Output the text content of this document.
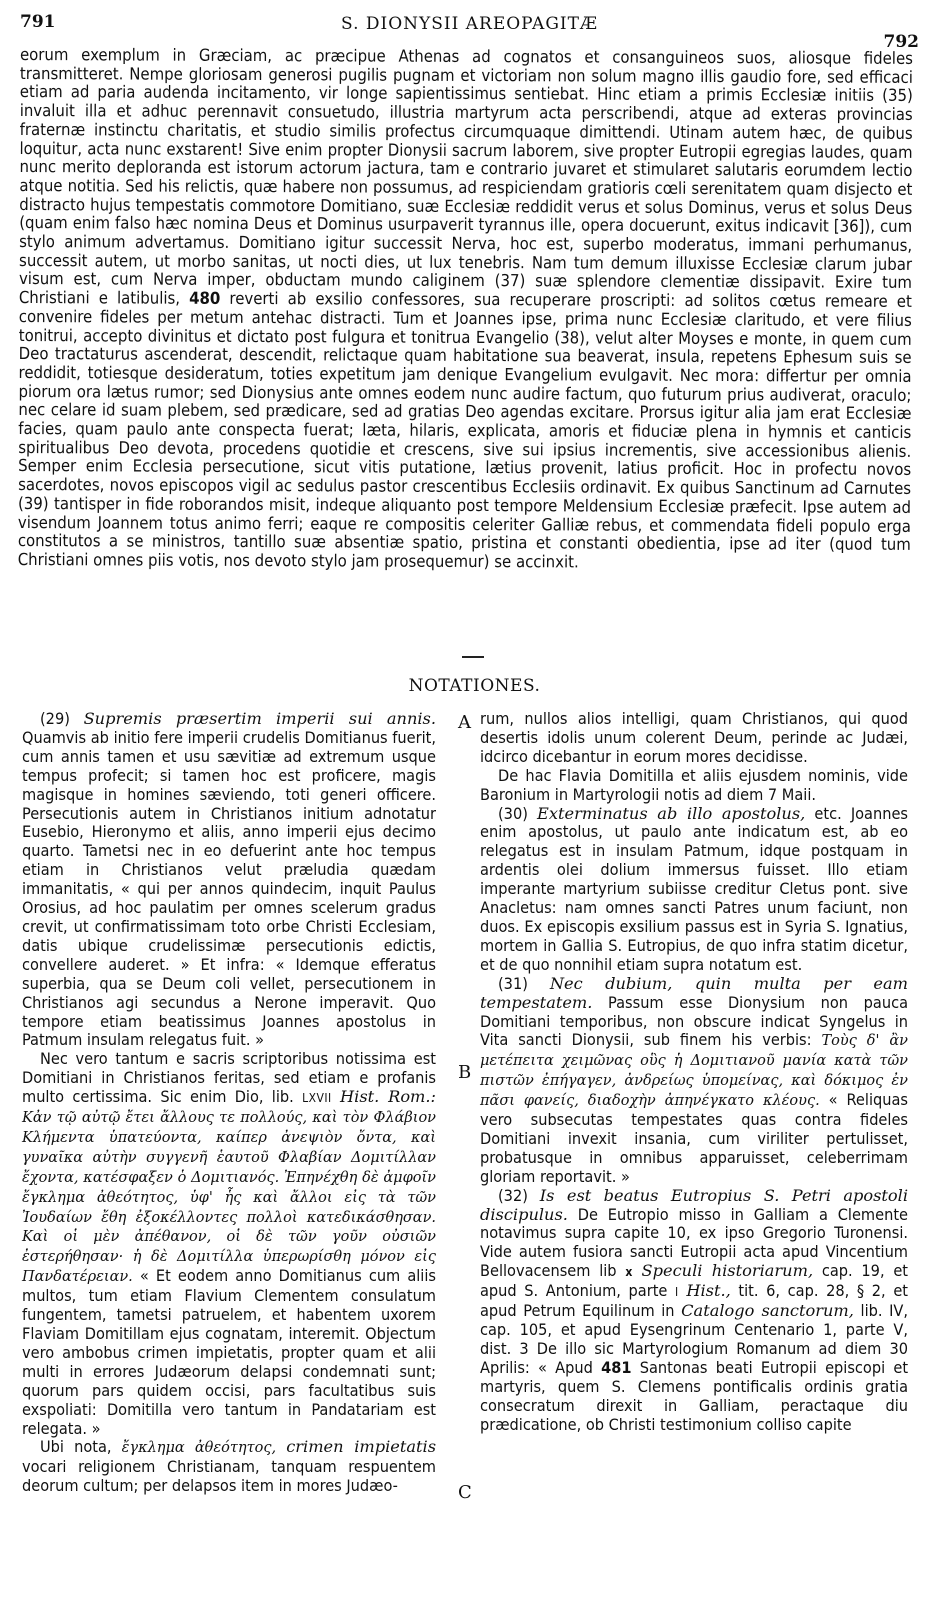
791	S. DIONYSII AREOPAGITÆ
792
eorum exemplum in Græciam, ac præcipue Athenas ad cognatos et consanguineos suos, aliosque fideles transmitteret. Nempe gloriosam generosi pugilis pugnam et victoriam non solum magno illis gaudio fore, sed efficaci etiam ad paria audenda incitamento, vir longe sapientissimus sentiebat. Hinc etiam a primis Ecclesiæ initiis (35) invaluit illa et adhuc perennavit consuetudo, illustria martyrum acta perscribendi, atque ad exteras provincias fraternæ instinctu charitatis, et studio similis profectus circumquaque dimittendi. Utinam autem hæc, de quibus loquitur, acta nunc exstarent! Sive enim propter Dionysii sacrum laborem, sive propter Eutropii egregias laudes, quam nunc merito deploranda est istorum actorum jactura, tam e contrario juvaret et stimularet salutaris eorumdem lectio atque notitia. Sed his relictis, quæ habere non possumus, ad respiciendam gratioris cœli serenitatem quam disjecto et distracto hujus tempestatis commotore Domitiano, suæ Ecclesiæ reddidit verus et solus Dominus, verus et solus Deus (quam enim falso hæc nomina Deus et Dominus usurpaverit tyrannus ille, opera docuerunt, exitus indicavit [36]), cum stylo animum advertamus. Domitiano igitur successit Nerva, hoc est, superbo moderatus, immani perhumanus, successit autem, ut morbo sanitas, ut nocti dies, ut lux tenebris. Nam tum demum illuxisse Ecclesiæ clarum jubar visum est, cum Nerva imper, obductam mundo caliginem (37) suæ splendore clementiæ dissipavit. Exire tum Christiani e latibulis, 480 reverti ab exsilio confessores, sua recuperare proscripti: ad solitos cœtus remeare et convenire fideles per metum antehac distracti. Tum et Joannes ipse, prima nunc Ecclesiæ claritudo, et vere filius tonitrui, accepto divinitus et dictato post fulgura et tonitrua Evangelio (38), velut alter Moyses e monte, in quem cum Deo tractaturus ascenderat, descendit, relictaque quam habitatione sua beaverat, insula, repetens Ephesum suis se reddidit, totiesque desideratum, toties expetitum jam denique Evangelium evulgavit. Nec mora: differtur per omnia piorum ora lætus rumor; sed Dionysius ante omnes eodem nunc audire factum, quo futurum prius audiverat, oraculo; nec celare id suam plebem, sed prædicare, sed ad gratias Deo agendas excitare. Prorsus igitur alia jam erat Ecclesiæ facies, quam paulo ante conspecta fuerat; læta, hilaris, explicata, amoris et fiduciæ plena in hymnis et canticis spiritualibus Deo devota, procedens quotidie et crescens, sive sui ipsius incrementis, sive accessionibus alienis. Semper enim Ecclesia persecutione, sicut vitis putatione, lætius provenit, latius proficit. Hoc in profectu novos sacerdotes, novos episcopos vigil ac sedulus pastor crescentibus Ecclesiis ordinavit. Ex quibus Sanctinum ad Carnutes (39) tantisper in fide roborandos misit, indeque aliquanto post tempore Meldensium Ecclesiæ præfecit. Ipse autem ad visendum Joannem totus animo ferri; eaque re compositis celeriter Galliæ rebus, et commendata fideli populo erga constitutos a se ministros, tantillo suæ absentiæ spatio, pristina et constanti obedientia, ipse ad iter (quod tum Christiani omnes piis votis, nos devoto stylo jam prosequemur) se accinxit.
NOTATIONES.

(29) Supremis præsertim imperii sui annis. Quamvis ab initio fere imperii crudelis Domitianus fuerit, cum annis tamen et usu sævitiæ ad extremum usque tempus profecit; si tamen hoc est proficere, magis magisque in homines sæviendo, toti generi officere. Persecutionis autem in Christianos initium adnotatur Eusebio, Hieronymo et aliis, anno imperii ejus decimo quarto. Tametsi nec in eo defuerint ante hoc tempus etiam in Christianos velut præludia quædam immanitatis, « qui per annos quindecim, inquit Paulus Orosius, ad hoc paulatim per omnes scelerum gradus crevit, ut confirmatissimam toto orbe Christi Ecclesiam, datis ubique crudelissimæ persecutionis edictis, convellere auderet. » Et infra: « Idemque efferatus superbia, qua se Deum coli vellet, persecutionem in Christianos agi secundus a Nerone imperavit. Quo tempore etiam beatissimus Joannes apostolus in Patmum insulam relegatus fuit. »

Nec vero tantum e sacris scriptoribus notissima est Domitiani in Christianos feritas, sed etiam e profanis multo certissima. Sic enim Dio, lib. LXVII Hist. Rom.: Κἀν τῷ αὐτῷ ἔτει ἄλλους τε πολλούς, καὶ τὸν Φλάβιον Κλήμεντα ὑπατεύοντα, καίπερ ἀνεψιὸν ὄντα, καὶ γυναῖκα αὐτὴν συγγενῆ ἑαυτοῦ Φλαβίαν Δομιτίλλαν ἔχοντα, κατέσφαξεν ὁ Δομιτιανός. Ἐπηνέχθη δὲ ἀμφοῖν ἔγκλημα ἀθεότητος, ὑφ' ἧς καὶ ἄλλοι εἰς τὰ τῶν Ἰουδαίων ἔθη ἐξοκέλλοντες πολλοὶ κατεδικάσθησαν. Καὶ οἱ μὲν ἀπέθανον, οἱ δὲ τῶν γοῦν οὐσιῶν ἐστερήθησαν· ἡ δὲ Δομιτίλλα ὑπερωρίσθη μόνον εἰς Πανδατέρειαν. « Et eodem anno Domitianus cum aliis multos, tum etiam Flavium Clementem consulatum fungentem, tametsi patruelem, et habentem uxorem Flaviam Domitillam ejus cognatam, interemit. Objectum vero ambobus crimen impietatis, propter quam et alii multi in errores Judæorum delapsi condemnati sunt; quorum pars quidem occisi, pars facultatibus suis exspoliati: Domitilla vero tantum in Pandatariam est relegata. »

Ubi nota, ἔγκλημα ἀθεότητος, crimen impietatis vocari religionem Christianam, tanquam respuentem deorum cultum; per delapsos item in mores Judæo-

A
B
C

rum, nullos alios intelligi, quam Christianos, qui quod desertis idolis unum colerent Deum, perinde ac Judæi, idcirco dicebantur in eorum mores decidisse.

De hac Flavia Domitilla et aliis ejusdem nominis, vide Baronium in Martyrologii notis ad diem 7 Maii.

(30) Exterminatus ab illo apostolus, etc. Joannes enim apostolus, ut paulo ante indicatum est, ab eo relegatus est in insulam Patmum, idque postquam in ardentis olei dolium immersus fuisset. Illo etiam imperante martyrium subiisse creditur Cletus pont. sive Anacletus: nam omnes sancti Patres unum faciunt, non duos. Ex episcopis exsilium passus est in Syria S. Ignatius, mortem in Gallia S. Eutropius, de quo infra statim dicetur, et de quo nonnihil etiam supra notatum est.

(31) Nec dubium, quin multa per eam tempestatem. Passum esse Dionysium non pauca Domitiani temporibus, non obscure indicat Syngelus in Vita sancti Dionysii, sub finem his verbis: Τοὺς δ' ἂν μετέπειτα χειμῶνας οὓς ἡ Δομιτιανοῦ μανία κατὰ τῶν πιστῶν ἐπήγαγεν, ἀνδρείως ὑπομείνας, καὶ δόκιμος ἐν πᾶσι φανείς, διαδοχὴν ἀπηνέγκατο κλέους. « Reliquas vero subsecutas tempestates quas contra fideles Domitiani invexit insania, cum viriliter pertulisset, probatusque in omnibus apparuisset, celeberrimam gloriam reportavit. »

(32) Is est beatus Eutropius S. Petri apostoli discipulus. De Eutropio misso in Galliam a Clemente notavimus supra capite 10, ex ipso Gregorio Turonensi. Vide autem fusiora sancti Eutropii acta apud Vincentium Bellovacensem lib x Speculi historiarum, cap. 19, et apud S. Antonium, parte I Hist., tit. 6, cap. 28, § 2, et apud Petrum Equilinum in Catalogo sanctorum, lib. IV, cap. 105, et apud Eysengrinum Centenario 1, parte V, dist. 3 De illo sic Martyrologium Romanum ad diem 30 Aprilis: « Apud 481 Santonas beati Eutropii episcopi et martyris, quem S. Clemens pontificalis ordinis gratia consecratum direxit in Galliam, peractaque diu prædicatione, ob Christi testimonium colliso capite
